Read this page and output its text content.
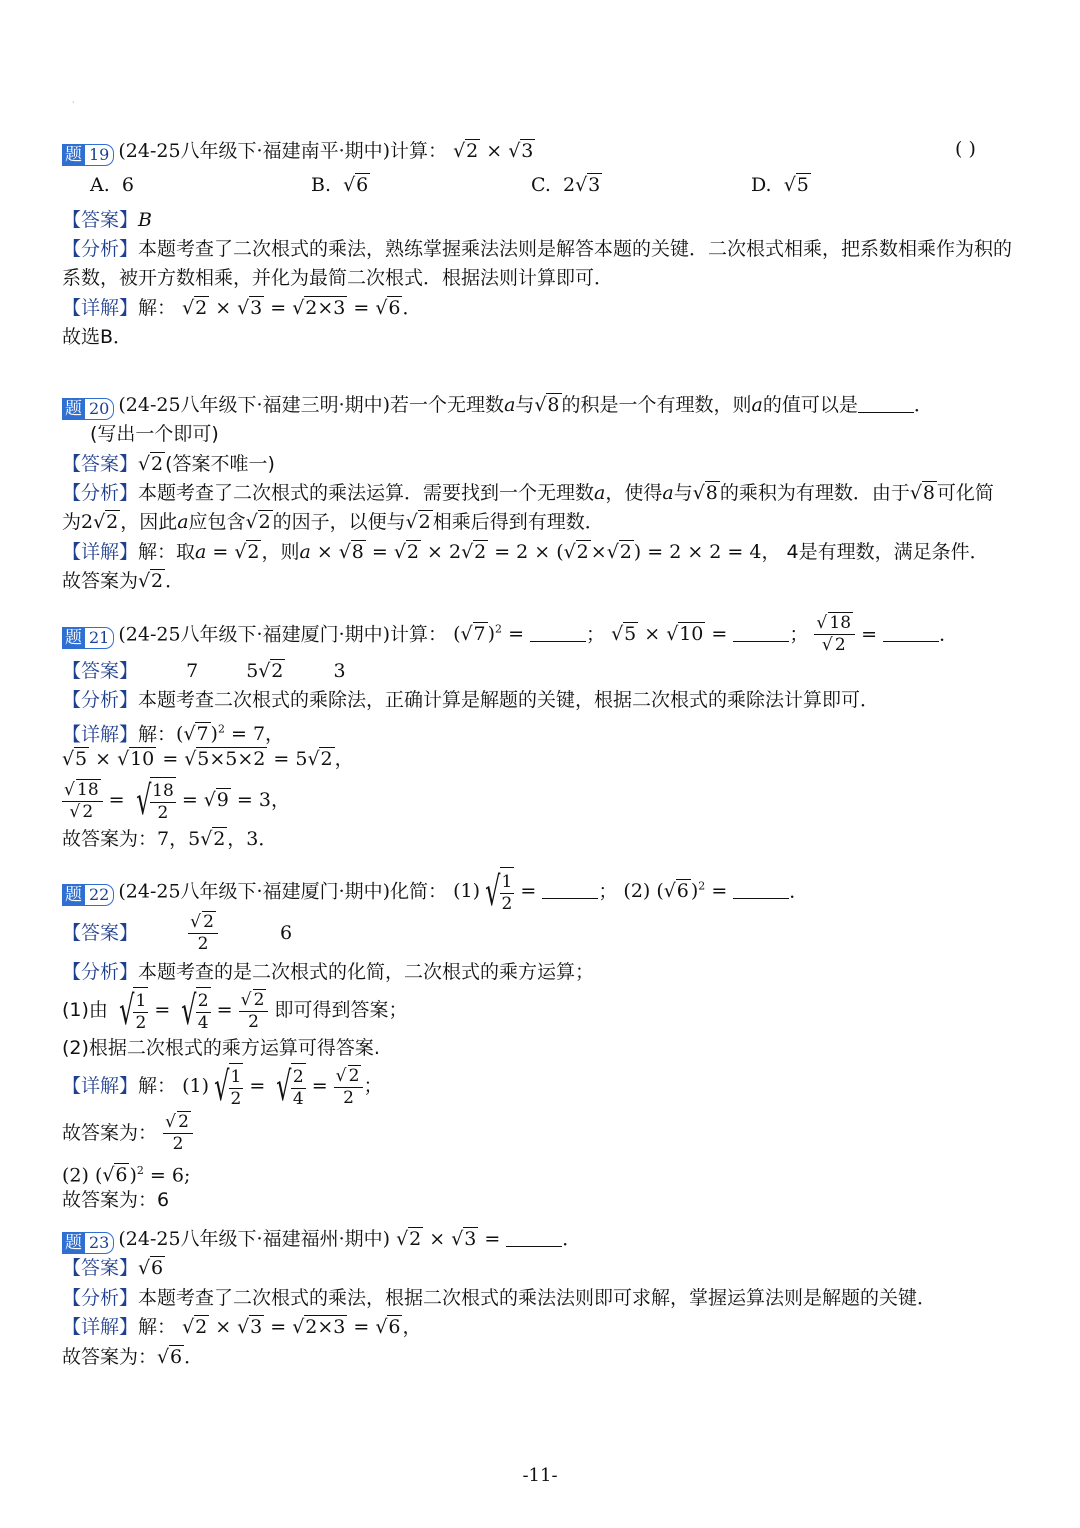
·
题 19 (24-25八年级下·福建南平·期中)计算： √ 2 × √ 3	( )
A.  6	B.  √ 6	C.  2 √ 3	D.  √ 5
【答案】B
【分析】本题考查了二次根式的乘法，熟练掌握乘法法则是解答本题的关键．二次根式相乘，把系数相乘作为积的
系数，被开方数相乘，并化为最简二次根式．根据法则计算即可．
【详解】解： √ 2 × √ 3 = √ 2×3 = √ 6 ．
故选B．
题 20 (24-25八年级下·福建三明·期中)若一个无理数a与 √ 8 的积是一个有理数，则a的值可以是	．
(写出一个即可)
【答案】 √ 2 (答案不唯一)
【分析】本题考查了二次根式的乘法运算．需要找到一个无理数a，使得a与 √ 8 的乘积为有理数．由于 √ 8 可化简
为2 √ 2 ，因此a应包含 √ 2 的因子，以便与 √ 2 相乘后得到有理数．
【详解】解：取a = √ 2 ，则a × √ 8 = √ 2 × 2 √ 2 = 2 × ( √ 2 × √ 2 ) = 2 × 2 = 4， 4是有理数，满足条件．
故答案为 √ 2 ．
题 21 (24-25八年级下·福建厦门·期中)计算： ( √ 7 )$^2$ =	； √ 5 × √ 10 =	； √ 18
√ 2 =	．
【答案】	7	5 √ 2	3
【分析】本题考查二次根式的乘除法，正确计算是解题的关键，根据二次根式的乘除法计算即可．
【详解】解：( √ 7 )$^2$ = 7，
√ 5 × √ 10 = √ 5×5×2 = 5 √ 2 ，
√ 18
√ 2 = √ $\frac{18}{2}$ = √ 9 = 3，
故答案为：7，5 √ 2 ，3．
题 22 (24-25八年级下·福建厦门·期中)化简： (1) √ $\frac{1}{2}$ =	； (2) ( √ 6 )$^2$ =	．
【答案】	√ $\frac{2}{2}$	6
【分析】本题考查的是二次根式的化简，二次根式的乘方运算；
(1)由 √ $\frac{1}{2}$ = √ $\frac{2}{4}$ = √ $\frac{2}{2}$ 即可得到答案；
(2)根据二次根式的乘方运算可得答案.
【详解】解： (1) √ $\frac{1}{2}$ = √ $\frac{2}{4}$ = √ $\frac{2}{2}$ ；
故答案为： √ $\frac{2}{2}$
(2) ( √ 6 )$^2$ = 6;
故答案为：6
题 23 (24-25八年级下·福建福州·期中) √ 2 × √ 3 =	．
【答案】 √ 6
【分析】本题考查了二次根式的乘法，根据二次根式的乘法法则即可求解，掌握运算法则是解题的关键．
【详解】解： √ 2 × √ 3 = √ 2×3 = √ 6 ，
故答案为： √ 6 ．
-11-
